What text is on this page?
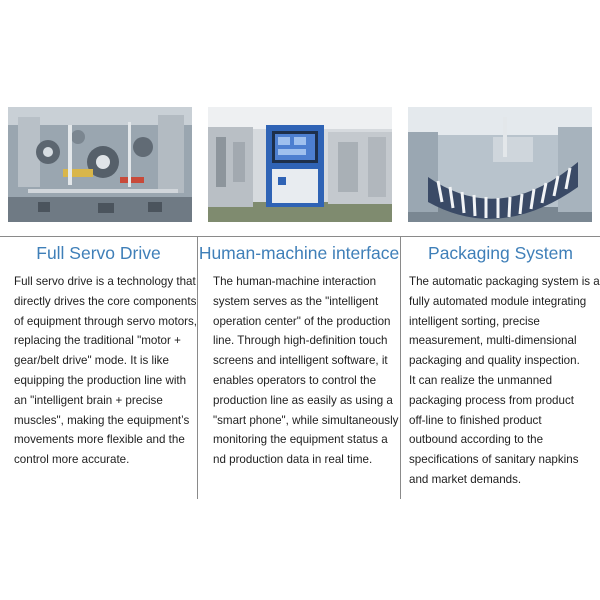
Full Servo Drive	Human-machine interface	Packaging System
Full servo drive is a technology that
directly drives the core components
of equipment through servo motors,
replacing the traditional "motor +
gear/belt drive" mode. It is like
equipping the production line with
an "intelligent brain + precise
muscles", making the equipment’s
movements more flexible and the
control more accurate.
The human-machine interaction
system serves as the "intelligent
operation center" of the production
line. Through high-definition touch
screens and intelligent software, it
enables operators to control the
production line as easily as using a
"smart phone", while simultaneously
monitoring the equipment status a
nd production data in real time.
The automatic packaging system is a
fully automated module integrating
intelligent sorting, precise
measurement, multi-dimensional
packaging and quality inspection.
It can realize the unmanned
packaging process from product
off-line to finished product
outbound according to the
specifications of sanitary napkins
and market demands.
